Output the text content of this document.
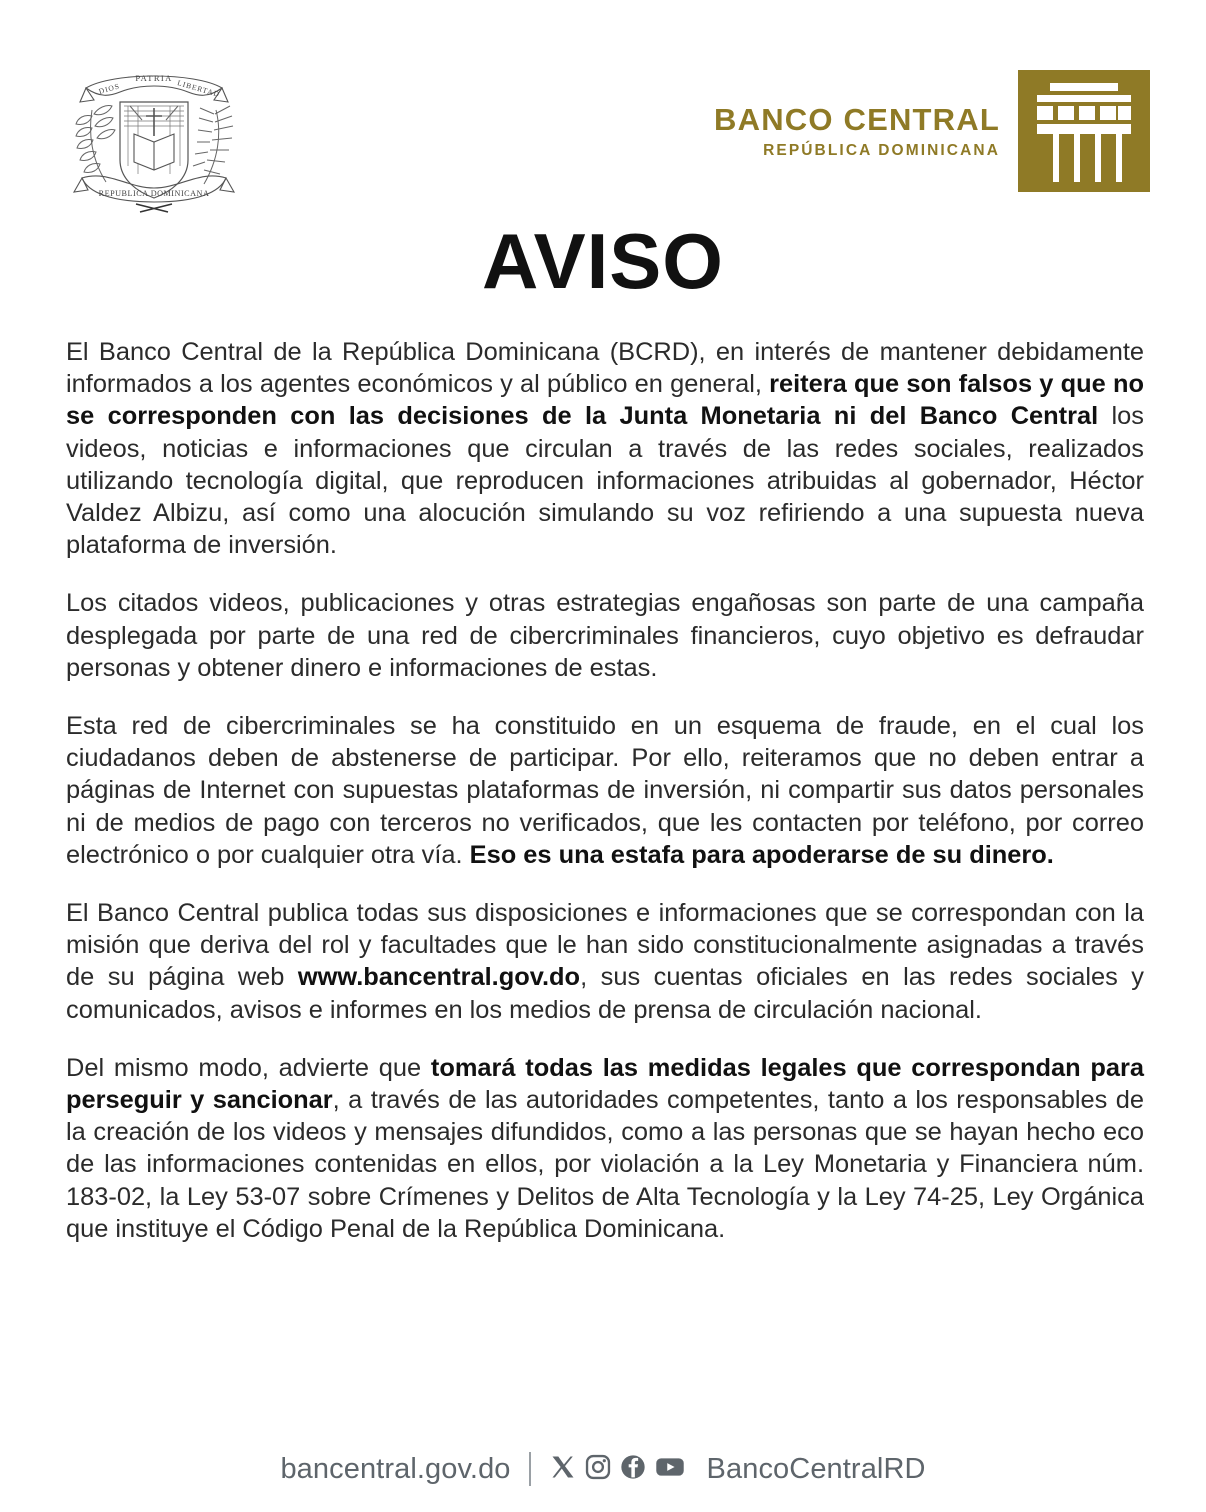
PATRIA
DIOS	LIBERTAD
REPUBLICA DOMINICANA
BANCO CENTRAL
REPÚBLICA DOMINICANA
AVISO

El Banco Central de la República Dominicana (BCRD), en interés de mantener debidamente informados a los agentes económicos y al público en general, reitera que son falsos y que no se corresponden con las decisiones de la Junta Monetaria ni del Banco Central los videos, noticias e informaciones que circulan a través de las redes sociales, realizados utilizando tecnología digital, que reproducen informaciones atribuidas al gobernador, Héctor Valdez Albizu, así como una alocución simulando su voz refiriendo a una supuesta nueva plataforma de inversión.

Los citados videos, publicaciones y otras estrategias engañosas son parte de una campaña desplegada por parte de una red de cibercriminales financieros, cuyo objetivo es defraudar personas y obtener dinero e informaciones de estas.

Esta red de cibercriminales se ha constituido en un esquema de fraude, en el cual los ciudadanos deben de abstenerse de participar. Por ello, reiteramos que no deben entrar a páginas de Internet con supuestas plataformas de inversión, ni compartir sus datos personales ni de medios de pago con terceros no verificados, que les contacten por teléfono, por correo electrónico o por cualquier otra vía. Eso es una estafa para apoderarse de su dinero.

El Banco Central publica todas sus disposiciones e informaciones que se correspondan con la misión que deriva del rol y facultades que le han sido constitucionalmente asignadas a través de su página web www.bancentral.gov.do, sus cuentas oficiales en las redes sociales y comunicados, avisos e informes en los medios de prensa de circulación nacional.

Del mismo modo, advierte que tomará todas las medidas legales que correspondan para perseguir y sancionar, a través de las autoridades competentes, tanto a los responsables de la creación de los videos y mensajes difundidos, como a las personas que se hayan hecho eco de las informaciones contenidas en ellos, por violación a la Ley Monetaria y Financiera núm. 183-02, la Ley 53-07 sobre Crímenes y Delitos de Alta Tecnología y la Ley 74-25, Ley Orgánica que instituye el Código Penal de la República Dominicana.

bancentral.gov.do	BancoCentralRD
